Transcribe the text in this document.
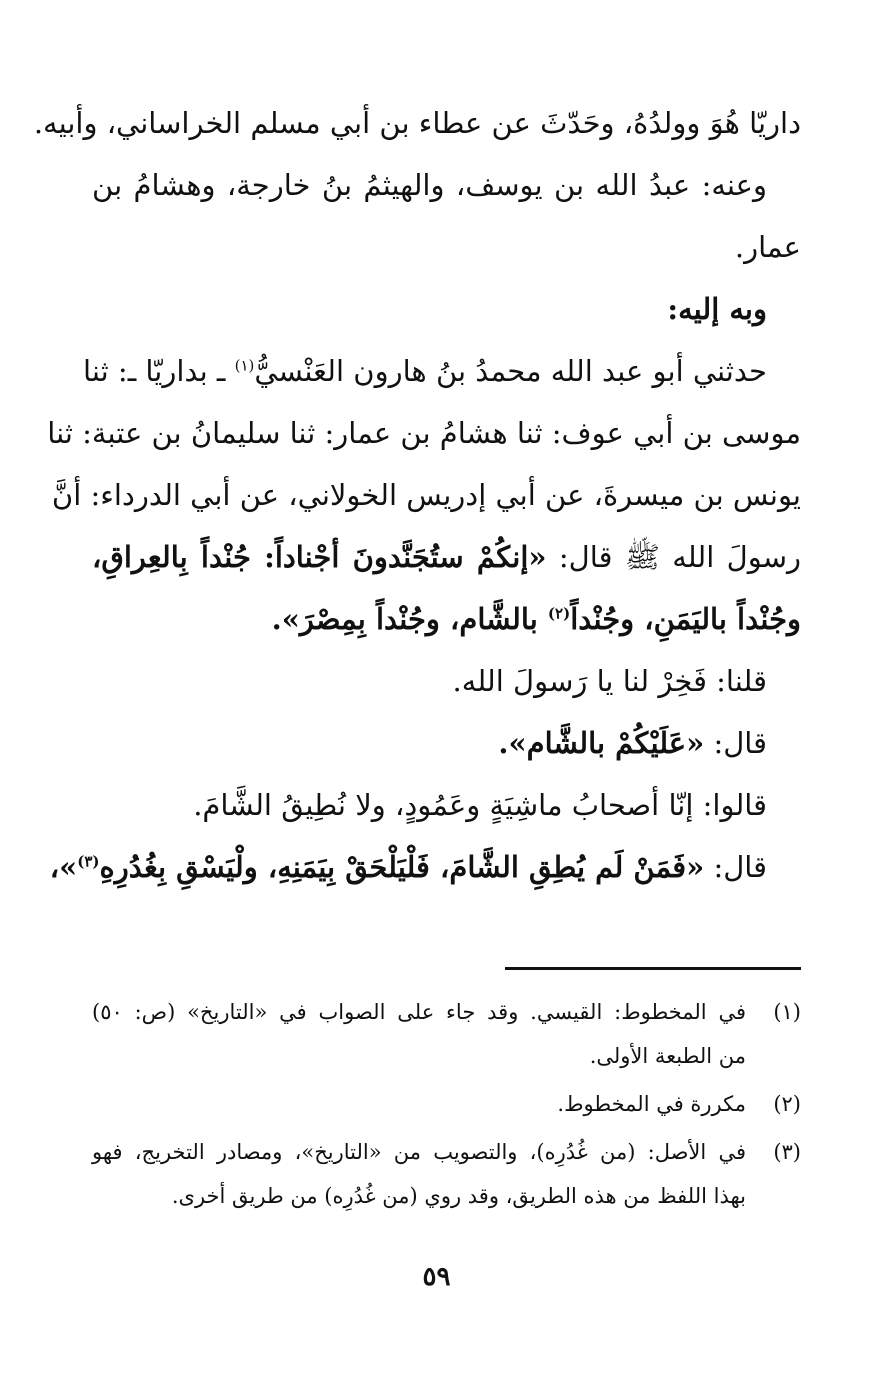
داريّا هُوَ وولدُهُ، وحَدّثَ عن عطاء بن أبي مسلم الخراساني، وأبيه.
وعنه: عبدُ الله بن يوسف، والهيثمُ بنُ خارجة، وهشامُ بن
عمار.
وبه إليه:
حدثني أبو عبد الله محمدُ بنُ هارون العَنْسيُّ$^{(١)}$ ـ بداريّا ـ: ثنا
موسى بن أبي عوف: ثنا هشامُ بن عمار: ثنا سليمانُ بن عتبة: ثنا
يونس بن ميسرةَ، عن أبي إدريس الخولاني، عن أبي الدرداء: أنَّ
رسولَ الله ﷺ قال: «إنكُمْ ستُجَنَّدونَ أجْناداً: جُنْداً بِالعِراقِ،
وجُنْداً باليَمَنِ، وجُنْداً$^{(٢)}$ بالشَّام، وجُنْداً بِمِصْرَ».
قلنا: فَخِرْ لنا يا رَسولَ الله.
قال: «عَلَيْكُمْ بالشَّام».
قالوا: إنّا أصحابُ ماشِيَةٍ وعَمُودٍ، ولا نُطِيقُ الشَّامَ.
قال: «فَمَنْ لَم يُطِقِ الشَّامَ، فَلْيَلْحَقْ بِيَمَنِهِ، ولْيَسْقِ بِغُدُرِهِ$^{(٣)}$»،
(١)
في المخطوط: القيسي. وقد جاء على الصواب في «التاريخ» (ص: ٥٠)
من الطبعة الأولى.
(٢)
مكررة في المخطوط.
(٣)
في الأصل: (من غُدُرِه)، والتصويب من «التاريخ»، ومصادر التخريج، فهو
بهذا اللفظ من هذه الطريق، وقد روي (من غُدُرِه) من طريق أخرى.
٥٩
